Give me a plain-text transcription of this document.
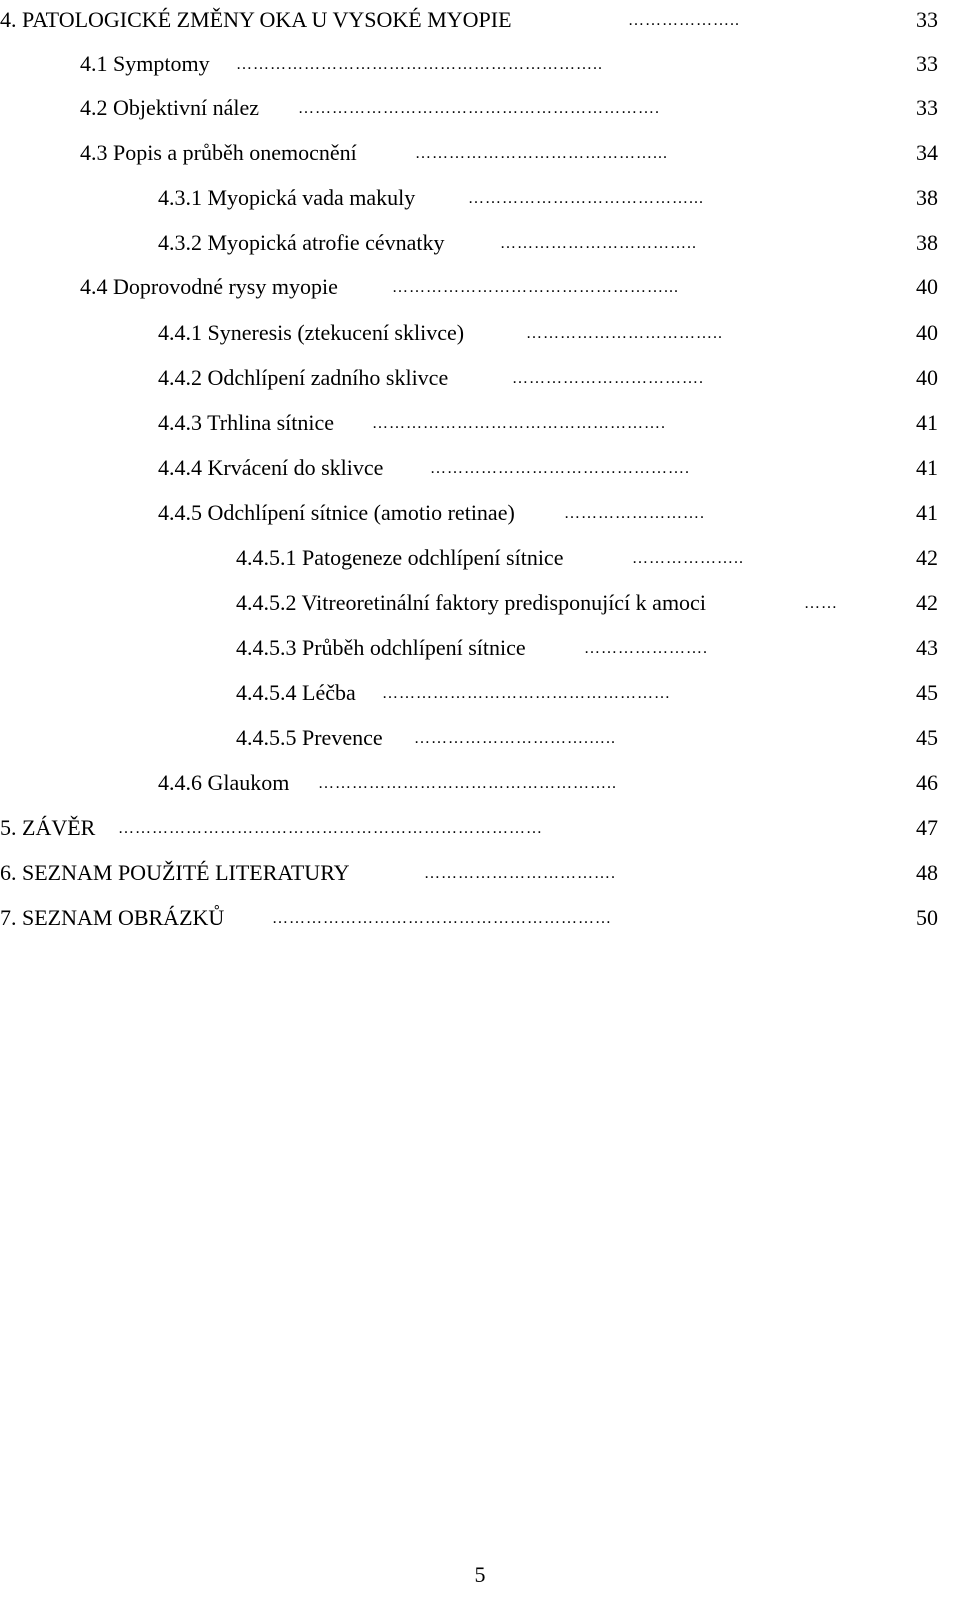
4. PATOLOGICKÉ ZMĚNY OKA U VYSOKÉ MYOPIE	………………..	33
4.1 Symptomy ………………………………………………………..	33
4.2 Objektivní nález ……………………………………………………….	33
4.3 Popis a průběh onemocnění	……………………………………...	34
4.3.1 Myopická vada makuly	…………………………………...	38
4.3.2 Myopická atrofie cévnatky	……………………………..	38
4.4 Doprovodné rysy myopie	…………………………………………...	40
4.4.1 Syneresis (ztekucení sklivce)	……………………………..	40
4.4.2 Odchlípení zadního sklivce	…………………………….	40
4.4.3 Trhlina sítnice …………………………………………….	41
4.4.4 Krvácení do sklivce	……………………………………….	41
4.4.5 Odchlípení sítnice (amotio retinae)	…………………….	41
4.4.5.1 Patogeneze odchlípení sítnice	………………..	42
4.4.5.2 Vitreoretinální faktory predisponující k amoci	……	42
4.4.5.3 Průběh odchlípení sítnice	………………….	43
4.4.5.4 Léčba ……………………………………………	45
4.4.5.5 Prevence ………………………….…..	45
4.4.6 Glaukom ……………………………………………..	46
5. ZÁVĚR …………………………………………………………………	47
6. SEZNAM POUŽITÉ LITERATURY	…………………………….	48
7. SEZNAM OBRÁZKŮ	……………………………………………………	50
5
